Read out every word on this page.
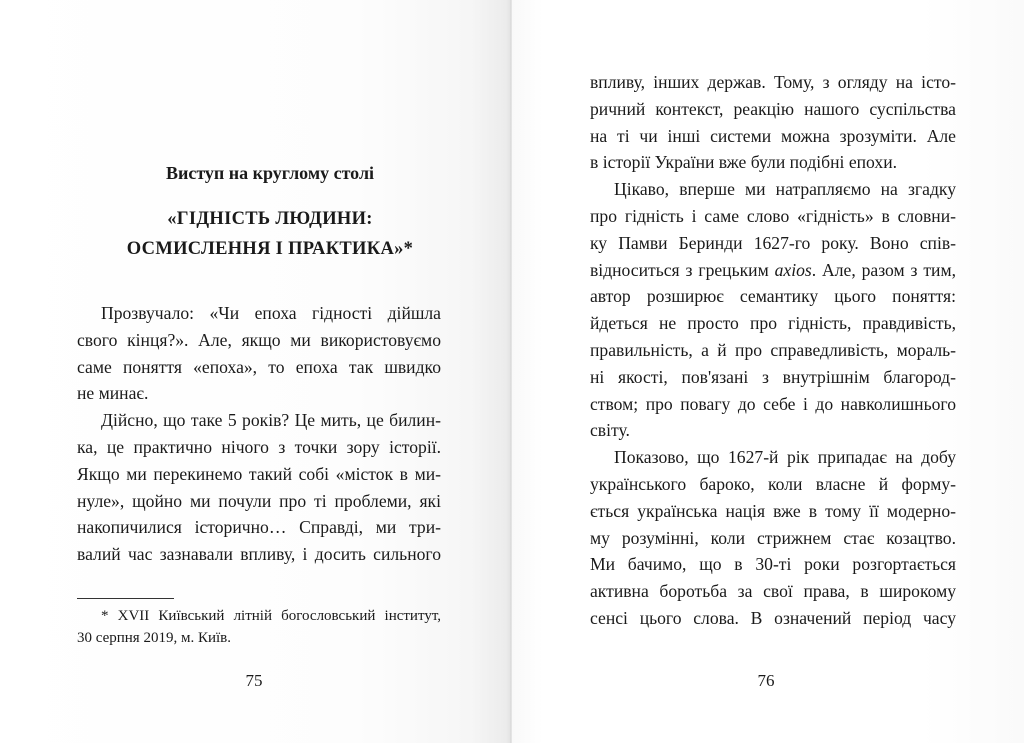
Виступ на круглому столі
«ГІДНІСТЬ ЛЮДИНИ:
ОСМИСЛЕННЯ І ПРАКТИКА»*
Прозвучало: «Чи епоха гідності дійшла
свого кінця?». Але, якщо ми використовуємо
саме поняття «епоха», то епоха так швидко
не минає.
Дійсно, що таке 5 років? Це мить, це билин-
ка, це практично нічого з точки зору історії.
Якщо ми перекинемо такий собі «місток в ми-
нуле», щойно ми почули про ті проблеми, які
накопичилися історично… Справді, ми три-
валий час зазнавали впливу, і досить сильного
* XVII Київський літній богословський інститут,
30 серпня 2019, м. Київ.
75
впливу, інших держав. Тому, з огляду на істо-
ричний контекст, реакцію нашого суспільства
на ті чи інші системи можна зрозуміти. Але
в історії України вже були подібні епохи.
Цікаво, вперше ми натрапляємо на згадку
про гідність і саме слово «гідність» в словни-
ку Памви Беринди 1627-го року. Воно спів-
відноситься з грецьким axios. Але, разом з тим,
автор розширює семантику цього поняття:
йдеться не просто про гідність, правдивість,
правильність, а й про справедливість, мораль-
ні якості, пов'язані з внутрішнім благород-
ством; про повагу до себе і до навколишнього
світу.
Показово, що 1627-й рік припадає на добу
українського бароко, коли власне й форму-
ється українська нація вже в тому її модерно-
му розумінні, коли стрижнем стає козацтво.
Ми бачимо, що в 30-ті роки розгортається
активна боротьба за свої права, в широкому
сенсі цього слова. В означений період часу
76
